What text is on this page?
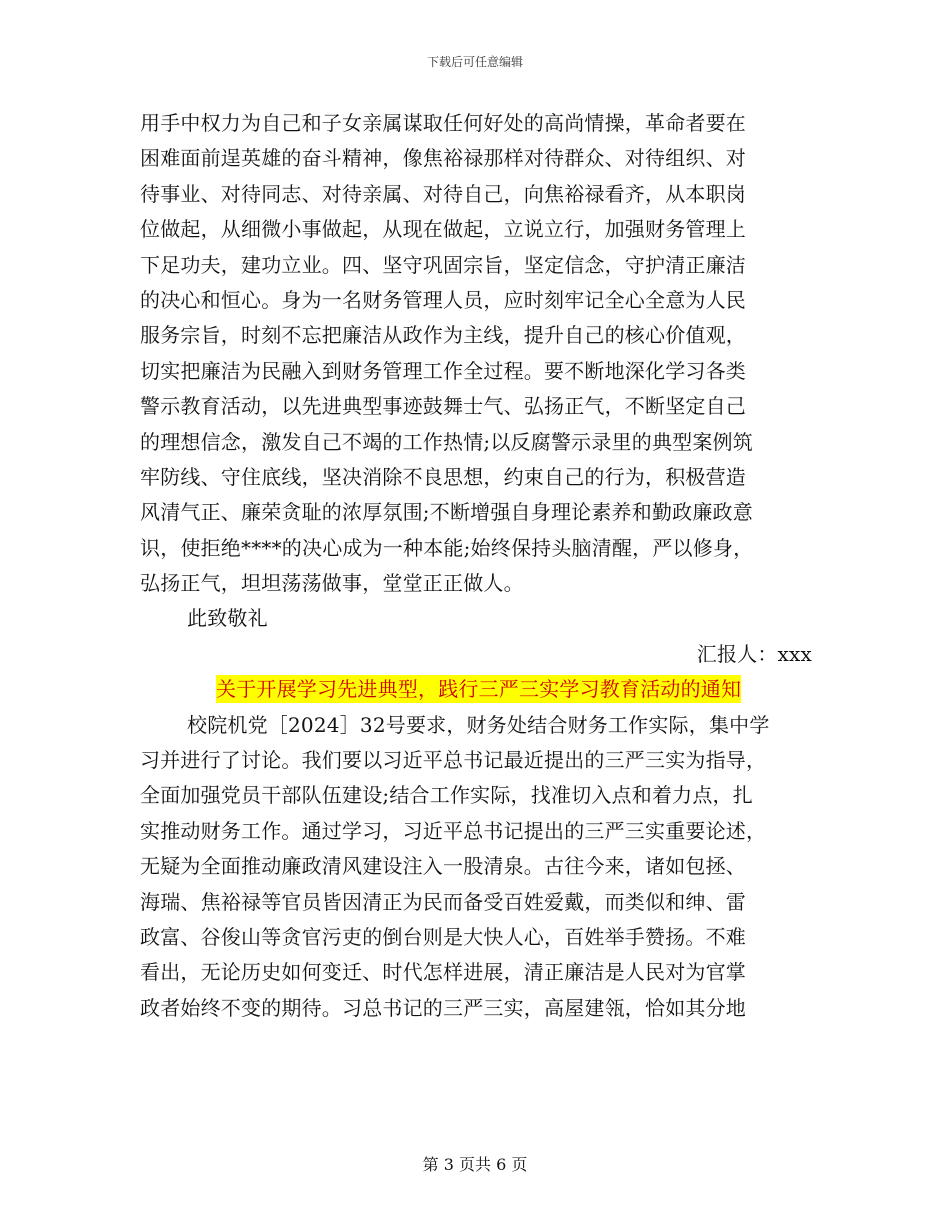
下载后可任意编辑
用手中权力为自己和子女亲属谋取任何好处的高尚情操，革命者要在
困难面前逞英雄的奋斗精神，像焦裕禄那样对待群众、对待组织、对
待事业、对待同志、对待亲属、对待自己，向焦裕禄看齐，从本职岗
位做起，从细微小事做起，从现在做起，立说立行，加强财务管理上
下足功夫，建功立业。四、坚守巩固宗旨，坚定信念，守护清正廉洁
的决心和恒心。身为一名财务管理人员，应时刻牢记全心全意为人民
服务宗旨，时刻不忘把廉洁从政作为主线，提升自己的核心价值观，
切实把廉洁为民融入到财务管理工作全过程。要不断地深化学习各类
警示教育活动，以先进典型事迹鼓舞士气、弘扬正气，不断坚定自己
的理想信念，激发自己不竭的工作热情;以反腐警示录里的典型案例筑
牢防线、守住底线，坚决消除不良思想，约束自己的行为，积极营造
风清气正、廉荣贪耻的浓厚氛围;不断增强自身理论素养和勤政廉政意
识，使拒绝****的决心成为一种本能;始终保持头脑清醒，严以修身，
弘扬正气，坦坦荡荡做事，堂堂正正做人。
此致敬礼
汇报人：xxx
关于开展学习先进典型，践行三严三实学习教育活动的通知
校院机党［2024］32号要求，财务处结合财务工作实际，集中学
习并进行了讨论。我们要以习近平总书记最近提出的三严三实为指导，
全面加强党员干部队伍建设;结合工作实际，找准切入点和着力点，扎
实推动财务工作。通过学习，习近平总书记提出的三严三实重要论述，
无疑为全面推动廉政清风建设注入一股清泉。古往今来，诸如包拯、
海瑞、焦裕禄等官员皆因清正为民而备受百姓爱戴，而类似和绅、雷
政富、谷俊山等贪官污吏的倒台则是大快人心，百姓举手赞扬。不难
看出，无论历史如何变迁、时代怎样进展，清正廉洁是人民对为官掌
政者始终不变的期待。习总书记的三严三实，高屋建瓴，恰如其分地
第 3 页共 6 页
